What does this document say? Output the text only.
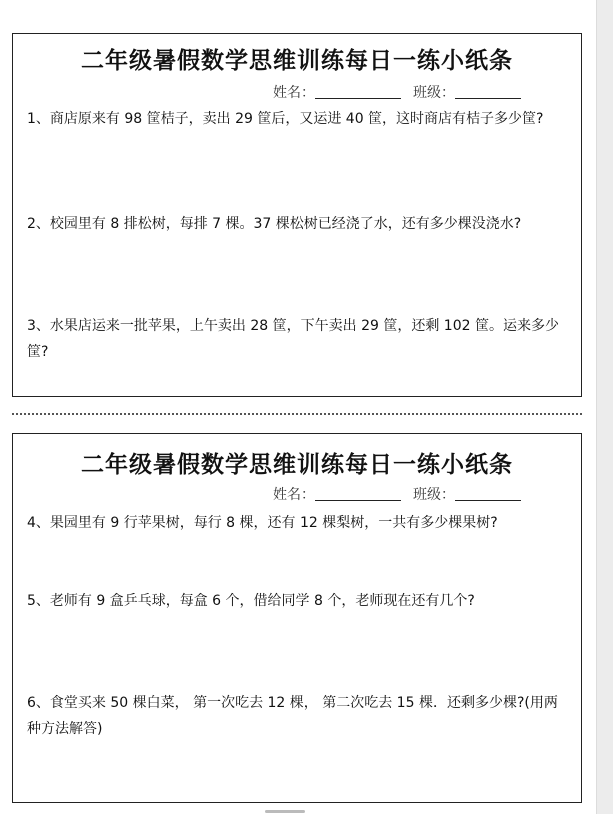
二年级暑假数学思维训练每日一练小纸条
姓名：	班级：
1、商店原来有 98 筐桔子，卖出 29 筐后，又运进 40 筐，这时商店有桔子多少筐?
2、校园里有 8 排松树，每排 7 棵。37 棵松树已经浇了水，还有多少棵没浇水?
3、水果店运来一批苹果，上午卖出 28 筐，下午卖出 29 筐，还剩 102 筐。运来多少筐?
二年级暑假数学思维训练每日一练小纸条
姓名：	班级：
4、果园里有 9 行苹果树，每行 8 棵，还有 12 棵梨树，一共有多少棵果树?
5、老师有 9 盒乒乓球，每盒 6 个，借给同学 8 个，老师现在还有几个?
6、食堂买来 50 棵白菜， 第一次吃去 12 棵， 第二次吃去 15 棵．还剩多少棵?(用两种方法解答)
